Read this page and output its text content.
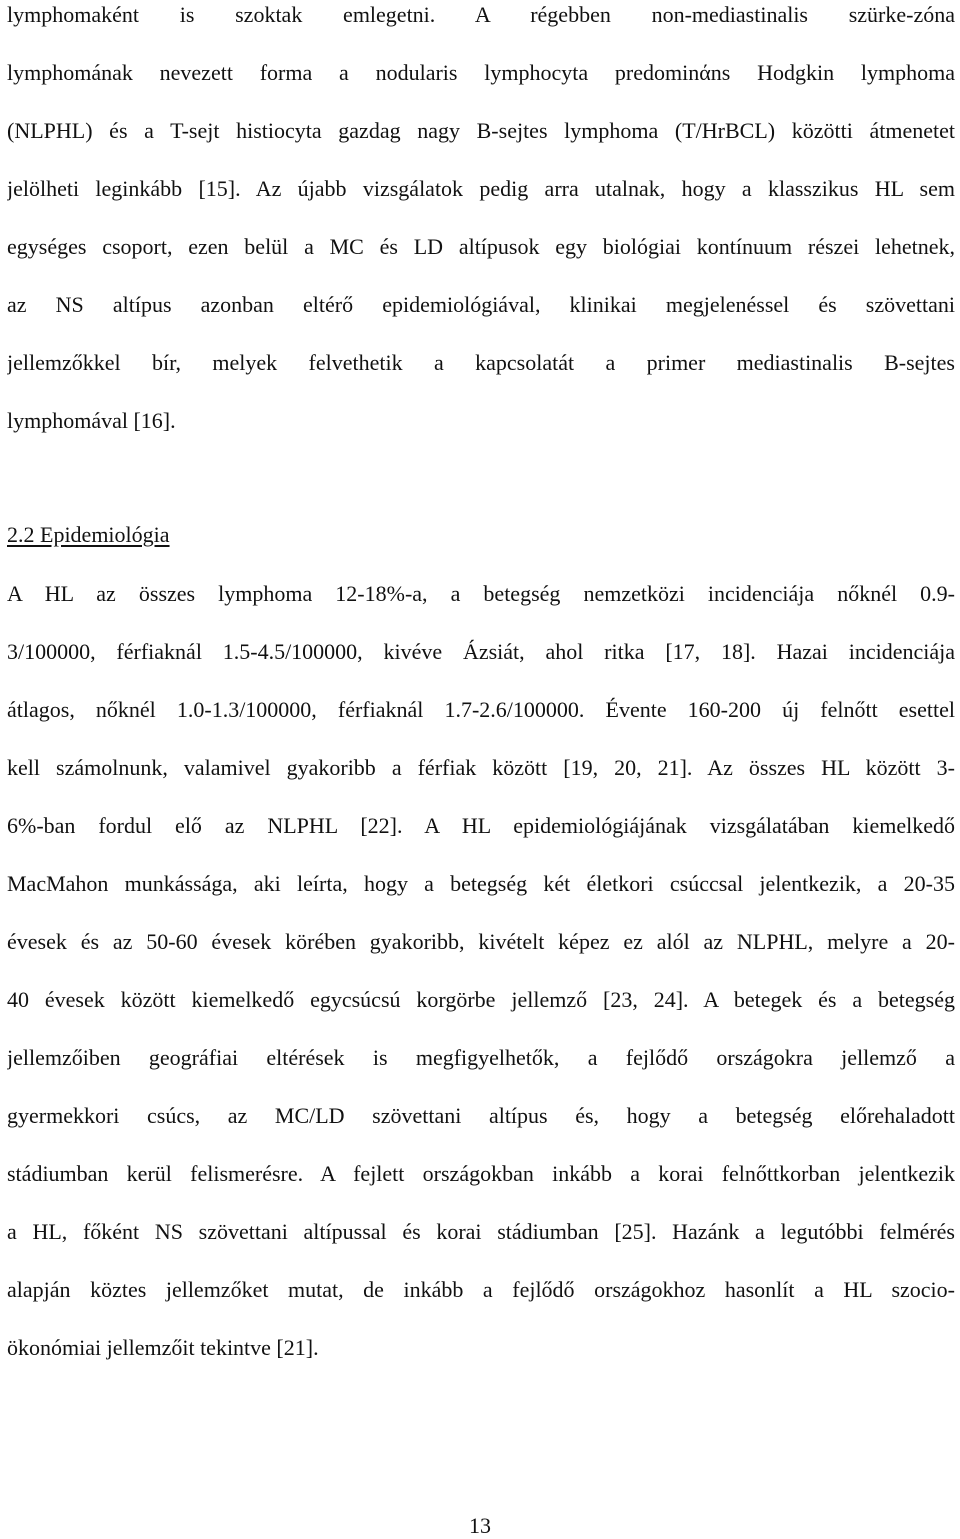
lymphomaként is szoktak emlegetni. A régebben non-mediastinalis szürke-zóna
lymphomának nevezett forma a nodularis lymphocyta predominάns Hodgkin lymphoma
(NLPHL) és a T-sejt histiocyta gazdag nagy B-sejtes lymphoma (T/HrBCL) közötti átmenetet
jelölheti leginkább [15]. Az újabb vizsgálatok pedig arra utalnak, hogy a klasszikus HL sem
egységes csoport, ezen belül a MC és LD altípusok egy biológiai kontínuum részei lehetnek,
az NS altípus azonban eltérő epidemiológiával, klinikai megjelenéssel és szövettani
jellemzőkkel bír, melyek felvethetik a kapcsolatát a primer mediastinalis B-sejtes
lymphomával [16].
2.2 Epidemiológia
A HL az összes lymphoma 12-18%-a, a betegség nemzetközi incidenciája nőknél 0.9-
3/100000, férfiaknál 1.5-4.5/100000, kivéve Ázsiát, ahol ritka [17, 18]. Hazai incidenciája
átlagos, nőknél 1.0-1.3/100000, férfiaknál 1.7-2.6/100000. Évente 160-200 új felnőtt esettel
kell számolnunk, valamivel gyakoribb a férfiak között [19, 20, 21]. Az összes HL között 3-
6%-ban fordul elő az NLPHL [22]. A HL epidemiológiájának vizsgálatában kiemelkedő
MacMahon munkássága, aki leírta, hogy a betegség két életkori csúccsal jelentkezik, a 20-35
évesek és az 50-60 évesek körében gyakoribb, kivételt képez ez alól az NLPHL, melyre a 20-
40 évesek között kiemelkedő egycsúcsú korgörbe jellemző [23, 24]. A betegek és a betegség
jellemzőiben geográfiai eltérések is megfigyelhetők, a fejlődő országokra jellemző a
gyermekkori csúcs, az MC/LD szövettani altípus és, hogy a betegség előrehaladott
stádiumban kerül felismerésre. A fejlett országokban inkább a korai felnőttkorban jelentkezik
a HL, főként NS szövettani altípussal és korai stádiumban [25]. Hazánk a legutóbbi felmérés
alapján köztes jellemzőket mutat, de inkább a fejlődő országokhoz hasonlít a HL szocio-
ökonómiai jellemzőit tekintve [21].
13
